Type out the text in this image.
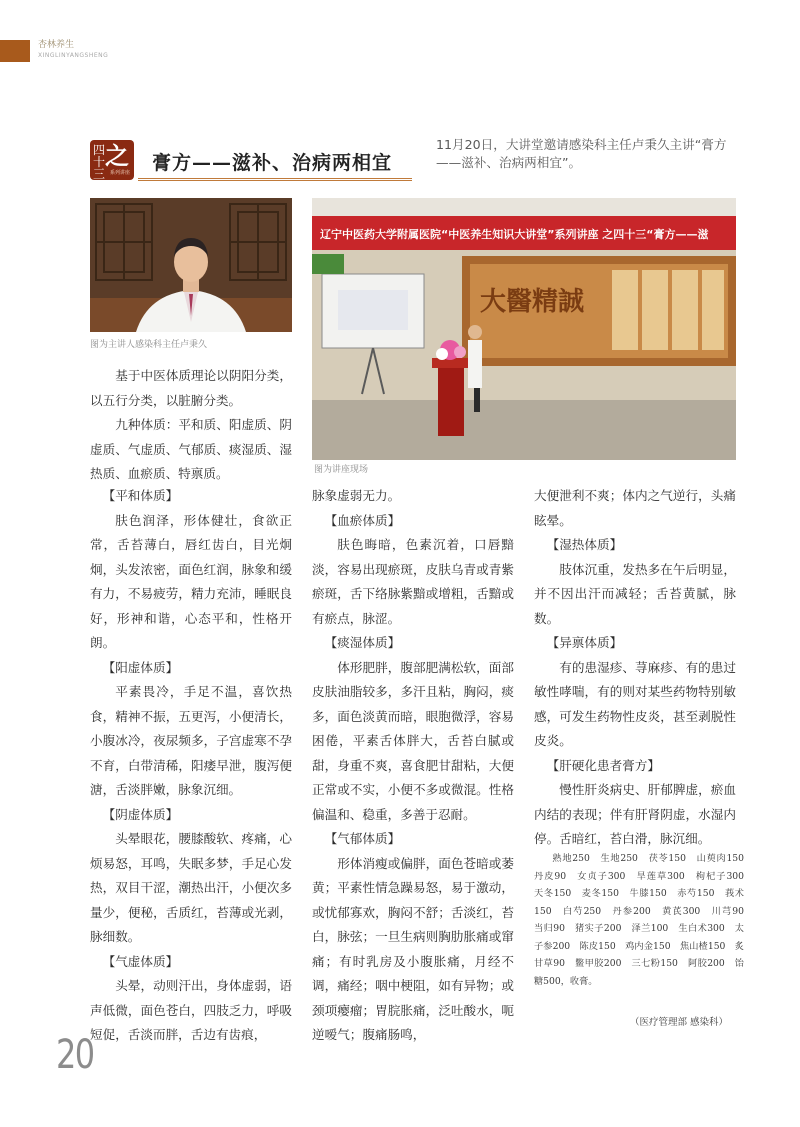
杏林养生
XINGLINYANGSHENG
四十三
之
系列讲座 膏方——滋补、治病两相宜
11月20日，大讲堂邀请感染科主任卢秉久主讲“膏方——滋补、治病两相宜”。
图为主讲人感染科主任卢秉久
辽宁中医药大学附属医院“中医养生知识大讲堂”系列讲座 之四十三“膏方——滋
大醫精誠
图为讲座现场

基于中医体质理论以阴阳分类，以五行分类，以脏腑分类。

九种体质：平和质、阳虚质、阴虚质、气虚质、气郁质、痰湿质、湿热质、血瘀质、特禀质。

【平和体质】

肤色润泽，形体健壮，食欲正常，舌苔薄白，唇红齿白，目光炯炯，头发浓密，面色红润，脉象和缓有力，不易疲劳，精力充沛，睡眠良好，形神和谐，心态平和，性格开朗。

【阳虚体质】

平素畏冷，手足不温，喜饮热食，精神不振，五更泻，小便清长，小腹冰冷，夜尿频多，子宫虚寒不孕不育，白带清稀，阳痿早泄，腹泻便溏，舌淡胖嫩，脉象沉细。

【阴虚体质】

头晕眼花，腰膝酸软、疼痛，心烦易怒，耳鸣，失眠多梦，手足心发热，双目干涩，潮热出汗，小便次多量少，便秘，舌质红，苔薄或光剥，脉细数。

【气虚体质】

头晕，动则汗出，身体虚弱，语声低微，面色苍白，四肢乏力，呼吸短促，舌淡而胖，舌边有齿痕，

脉象虚弱无力。

【血瘀体质】

肤色晦暗，色素沉着，口唇黯淡，容易出现瘀斑，皮肤乌青或青紫瘀斑，舌下络脉紫黯或增粗，舌黯或有瘀点，脉涩。

【痰湿体质】

体形肥胖，腹部肥满松软，面部皮肤油脂较多，多汗且粘，胸闷，痰多，面色淡黄而暗，眼胞微浮，容易困倦，平素舌体胖大，舌苔白腻或甜，身重不爽，喜食肥甘甜粘，大便正常或不实，小便不多或微混。性格偏温和、稳重，多善于忍耐。

【气郁体质】

形体消瘦或偏胖，面色苍暗或萎黄；平素性情急躁易怒，易于激动，或忧郁寡欢，胸闷不舒；舌淡红，苔白，脉弦；一旦生病则胸肋胀痛或窜痛；有时乳房及小腹胀痛，月经不调，痛经；咽中梗阻，如有异物；或颈项瘿瘤；胃脘胀痛，泛吐酸水，呃逆嗳气；腹痛肠鸣，

大便泄利不爽；体内之气逆行，头痛眩晕。

【湿热体质】

肢体沉重，发热多在午后明显，并不因出汗而减轻；舌苔黄腻，脉数。

【异禀体质】

有的患湿疹、荨麻疹、有的患过敏性哮喘，有的则对某些药物特别敏感，可发生药物性皮炎，甚至剥脱性皮炎。

【肝硬化患者膏方】

慢性肝炎病史、肝郁脾虚，瘀血内结的表现；伴有肝肾阴虚，水湿内停。舌暗红，苔白滑，脉沉细。

熟地250　生地250　茯苓150　山萸肉150　丹皮90　女贞子300　旱莲草300　枸杞子300　天冬150　麦冬150　牛膝150　赤芍150　莪术150　白芍250　丹参200　黄芪300　川芎90　当归90　猪实子200　泽兰100　生白术300　太子参200　陈皮150　鸡内金150　焦山楂150　炙甘草90　鳖甲胶200　三七粉150　阿胶200　饴糖500，收膏。
（医疗管理部 感染科）
20
